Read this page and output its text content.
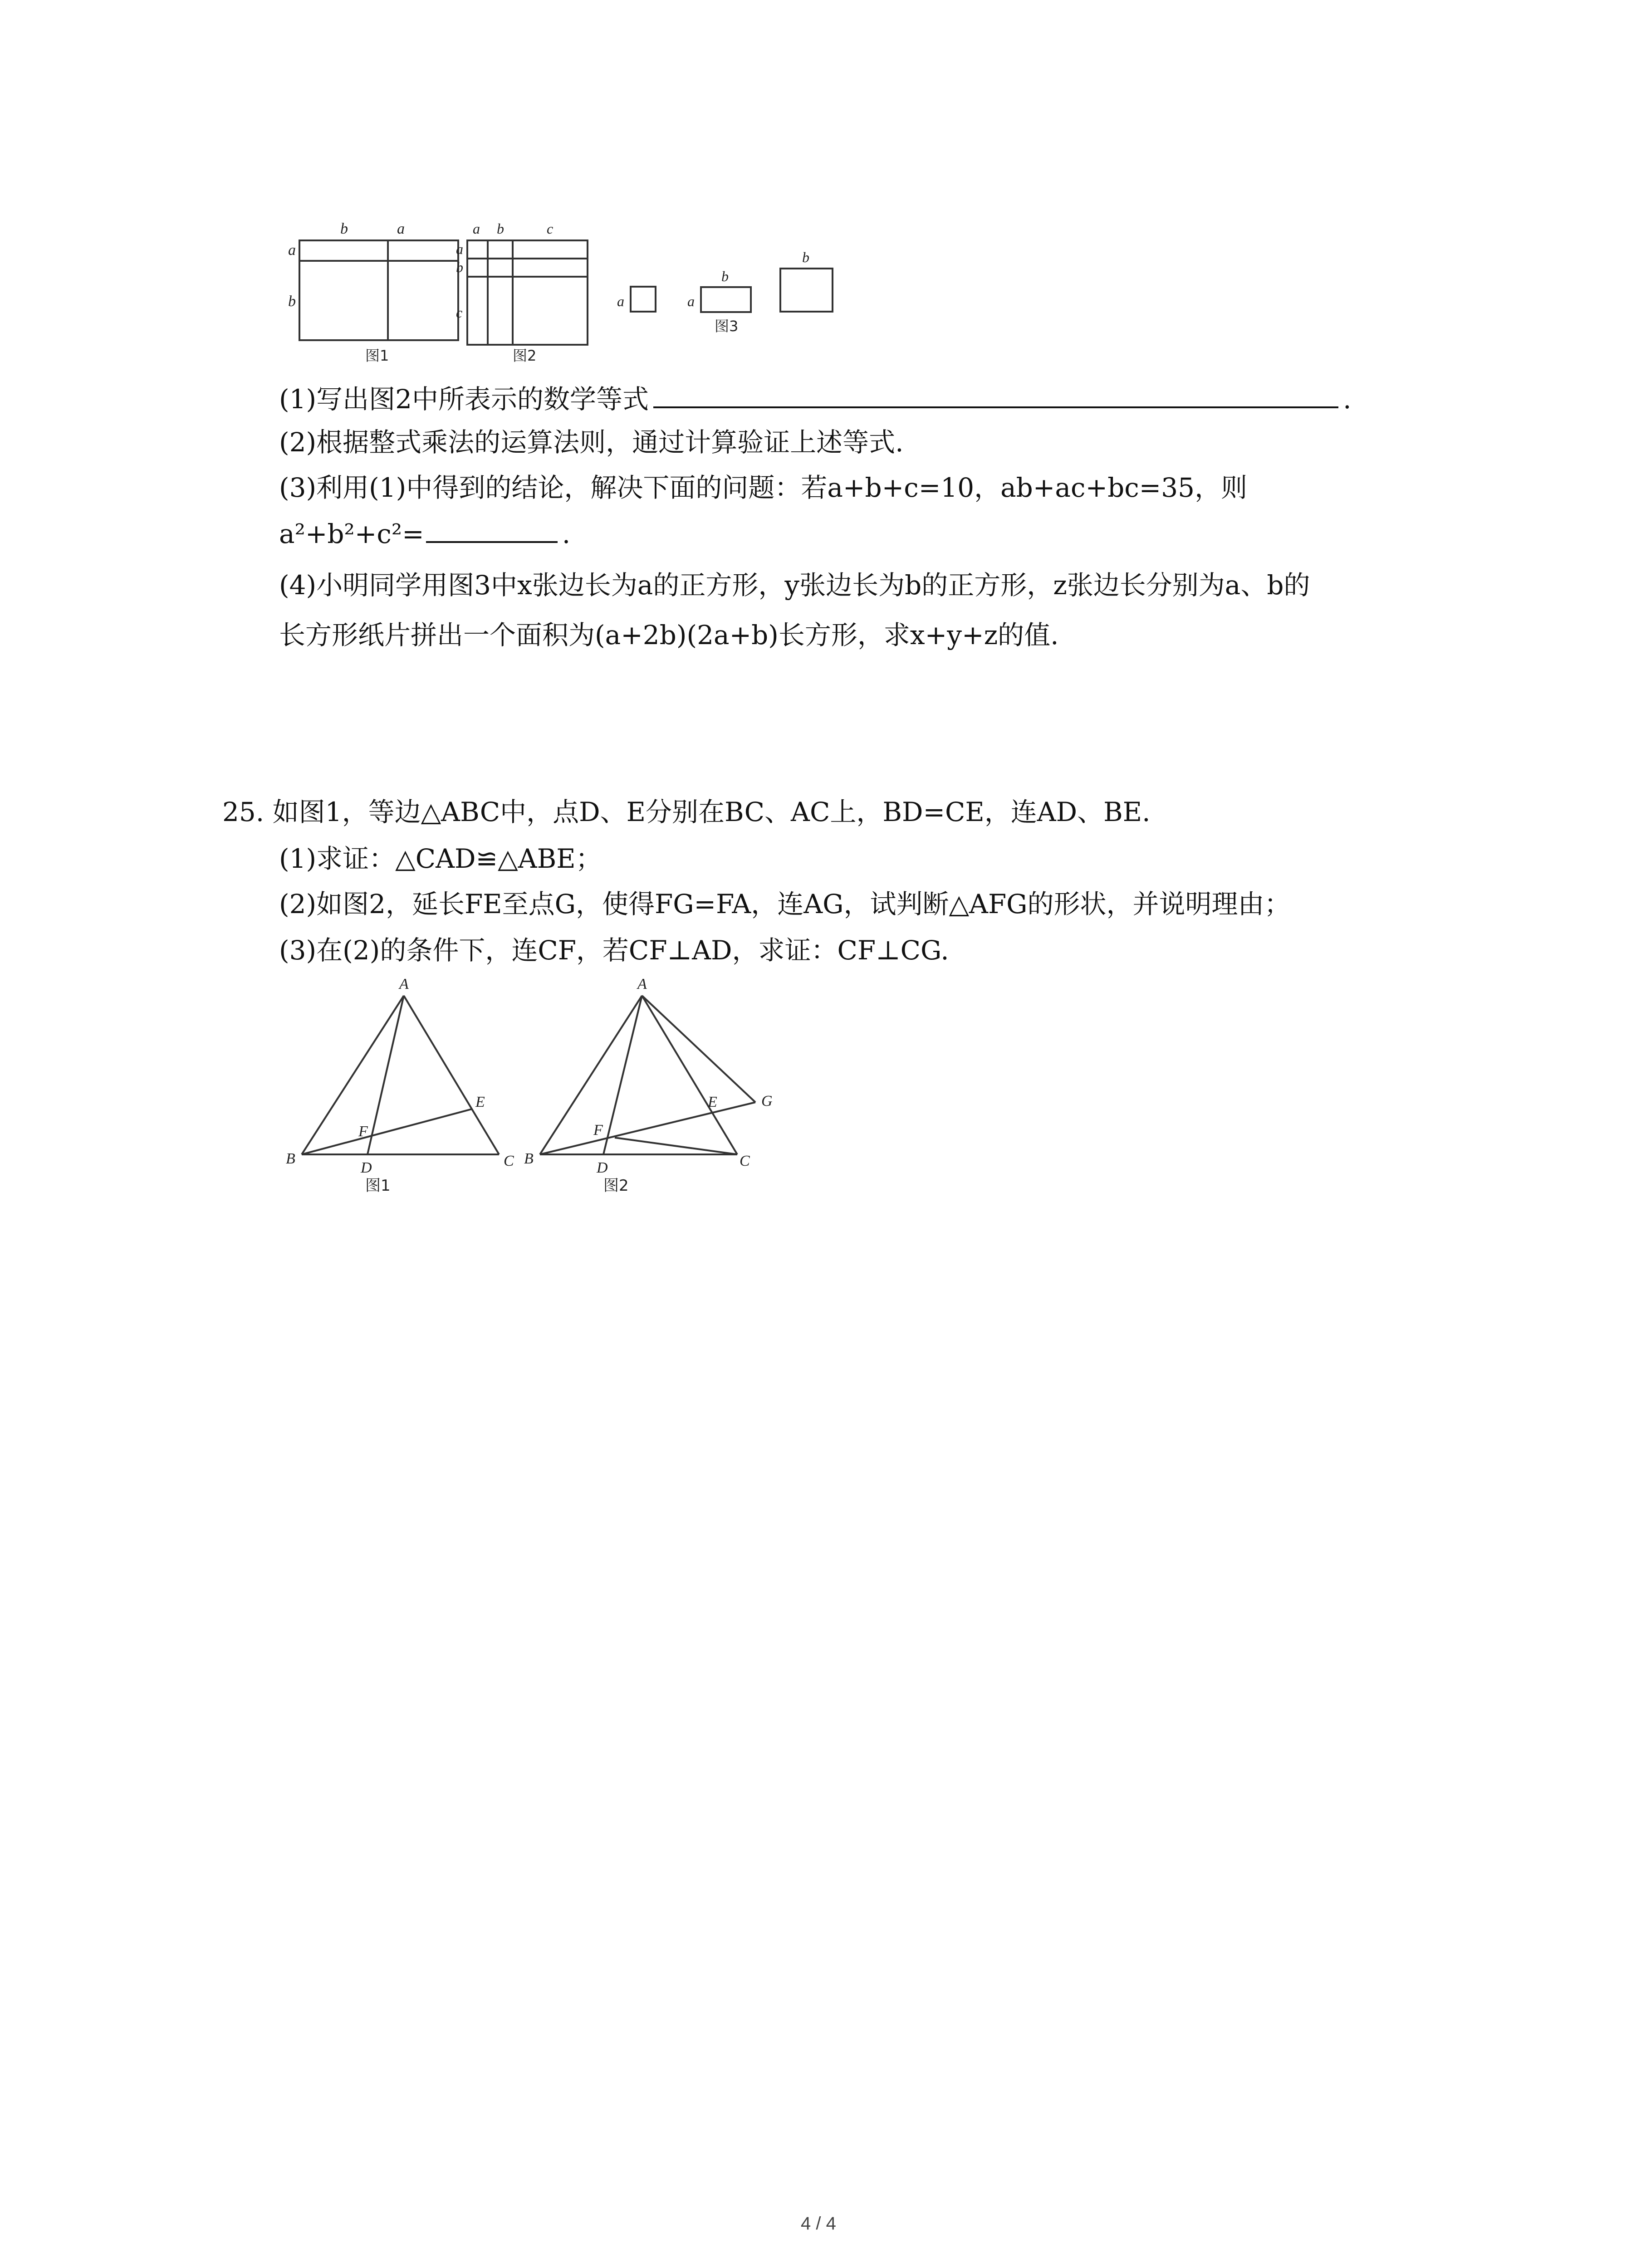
b	a
a
b
图1
a b	c
a
b
c
图2
a
b
a
b
图3
(1)写出图2中所表示的数学等式	.
(2)根据整式乘法的运算法则，通过计算验证上述等式.
(3)利用(1)中得到的结论，解决下面的问题：若a+b+c=10，ab+ac+bc=35，则
a²+b²+c²=	.
(4)小明同学用图3中x张边长为a的正方形，y张边长为b的正方形，z张边长分别为a、b的
长方形纸片拼出一个面积为(a+2b)(2a+b)长方形，求x+y+z的值.
25. 如图1，等边△ABC中，点D、E分别在BC、AC上，BD=CE，连AD、BE.
(1)求证：△CAD≌△ABE；
(2)如图2，延长FE至点G，使得FG=FA，连AG，试判断△AFG的形状，并说明理由；
(3)在(2)的条件下，连CF，若CF⊥AD，求证：CF⊥CG.
A
B	C
D
E
F
图1
A
B	C
D
E	G
F
图2
4 / 4
